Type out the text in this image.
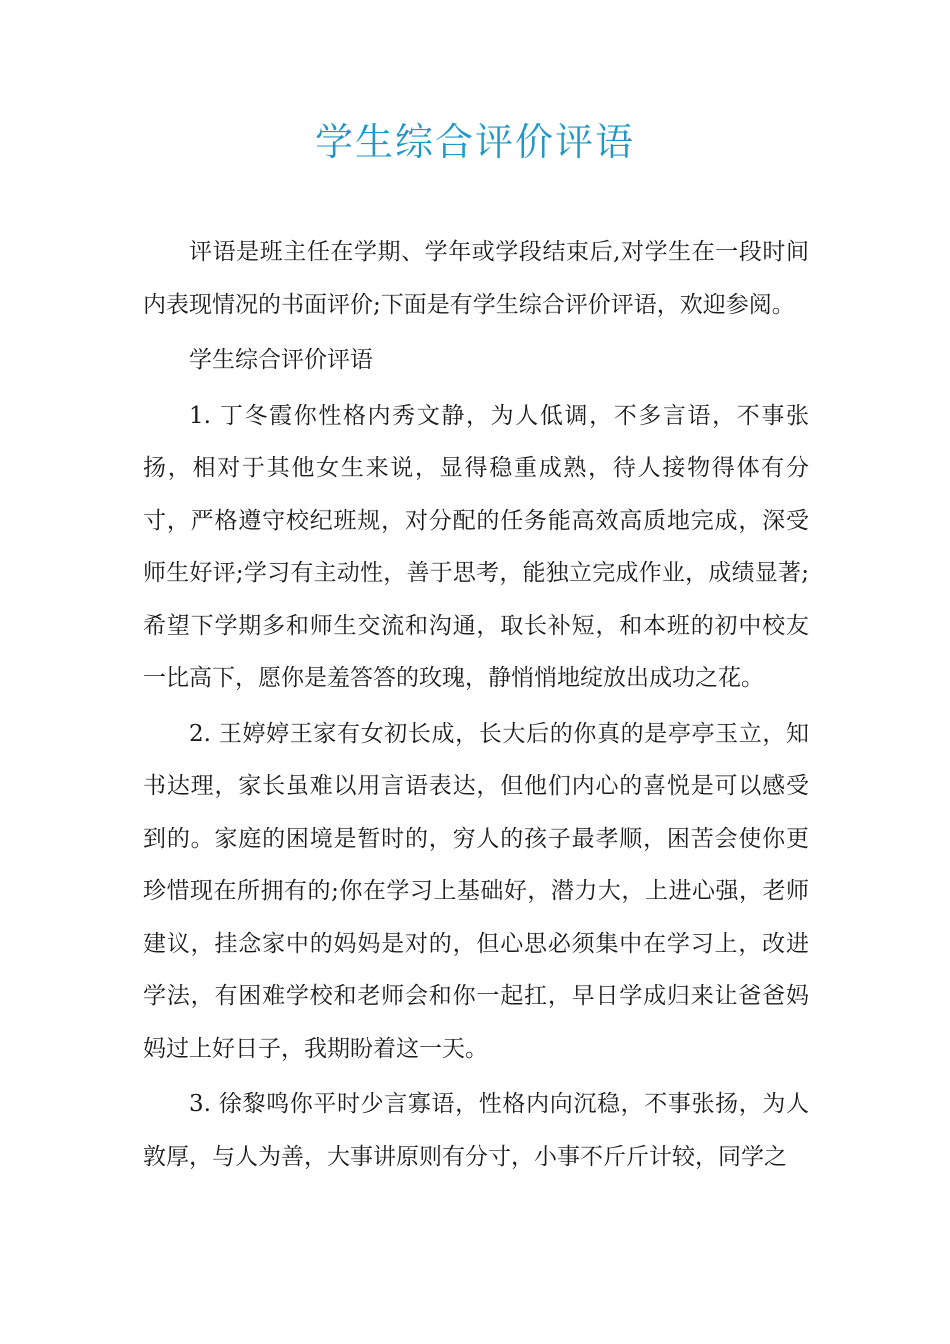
学生综合评价评语

评语是班主任在学期、学年或学段结束后,对学生在一段时间内表现情况的书面评价;下面是有学生综合评价评语，欢迎参阅。

学生综合评价评语

1. 丁冬霞你性格内秀文静，为人低调，不多言语，不事张扬，相对于其他女生来说，显得稳重成熟，待人接物得体有分寸，严格遵守校纪班规，对分配的任务能高效高质地完成，深受师生好评;学习有主动性，善于思考，能独立完成作业，成绩显著;希望下学期多和师生交流和沟通，取长补短，和本班的初中校友一比高下，愿你是羞答答的玫瑰，静悄悄地绽放出成功之花。

2. 王婷婷王家有女初长成，长大后的你真的是亭亭玉立，知书达理，家长虽难以用言语表达，但他们内心的喜悦是可以感受到的。家庭的困境是暂时的，穷人的孩子最孝顺，困苦会使你更珍惜现在所拥有的;你在学习上基础好，潜力大，上进心强，老师建议，挂念家中的妈妈是对的，但心思必须集中在学习上，改进学法，有困难学校和老师会和你一起扛，早日学成归来让爸爸妈妈过上好日子，我期盼着这一天。

3. 徐黎鸣你平时少言寡语，性格内向沉稳，不事张扬，为人敦厚，与人为善，大事讲原则有分寸，小事不斤斤计较，同学之
